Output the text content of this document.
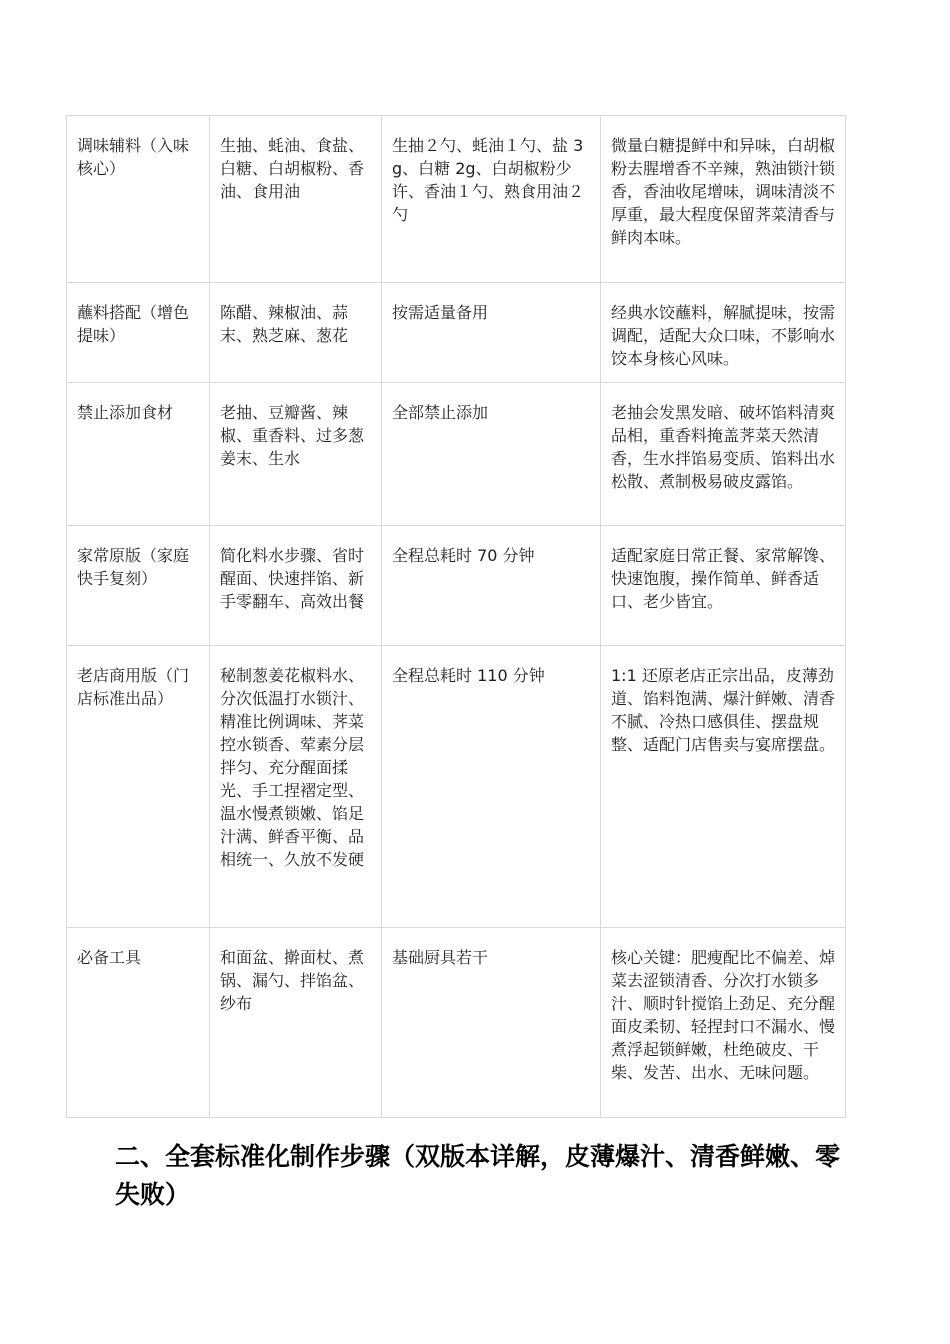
调味辅料（入味核心）	生抽、蚝油、食盐、白糖、白胡椒粉、香油、食用油	生抽２勺、蚝油１勺、盐 3g、白糖 2g、白胡椒粉少许、香油１勺、熟食用油２勺	微量白糖提鲜中和异味，白胡椒粉去腥增香不辛辣，熟油锁汁锁香，香油收尾增味，调味清淡不厚重，最大程度保留荠菜清香与鲜肉本味。
蘸料搭配（增色提味）	陈醋、辣椒油、蒜末、熟芝麻、葱花	按需适量备用	经典水饺蘸料，解腻提味，按需调配，适配大众口味，不影响水饺本身核心风味。
禁止添加食材	老抽、豆瓣酱、辣椒、重香料、过多葱姜末、生水	全部禁止添加	老抽会发黑发暗、破坏馅料清爽品相，重香料掩盖荠菜天然清香，生水拌馅易变质、馅料出水松散、煮制极易破皮露馅。
家常原版（家庭快手复刻）	简化料水步骤、省时醒面、快速拌馅、新手零翻车、高效出餐	全程总耗时 70 分钟	适配家庭日常正餐、家常解馋、快速饱腹，操作简单、鲜香适口、老少皆宜。
老店商用版（门店标准出品）	秘制葱姜花椒料水、分次低温打水锁汁、精准比例调味、荠菜控水锁香、荤素分层拌匀、充分醒面揉光、手工捏褶定型、温水慢煮锁嫩、馅足汁满、鲜香平衡、品相统一、久放不发硬	全程总耗时 110 分钟	1:1 还原老店正宗出品，皮薄劲道、馅料饱满、爆汁鲜嫩、清香不腻、冷热口感俱佳、摆盘规整、适配门店售卖与宴席摆盘。
必备工具	和面盆、擀面杖、煮锅、漏勺、拌馅盆、纱布	基础厨具若干	核心关键：肥瘦配比不偏差、焯菜去涩锁清香、分次打水锁多汁、顺时针搅馅上劲足、充分醒面皮柔韧、轻捏封口不漏水、慢煮浮起锁鲜嫩，杜绝破皮、干柴、发苦、出水、无味问题。
二、全套标准化制作步骤（双版本详解，皮薄爆汁、清香鲜嫩、零失败）
